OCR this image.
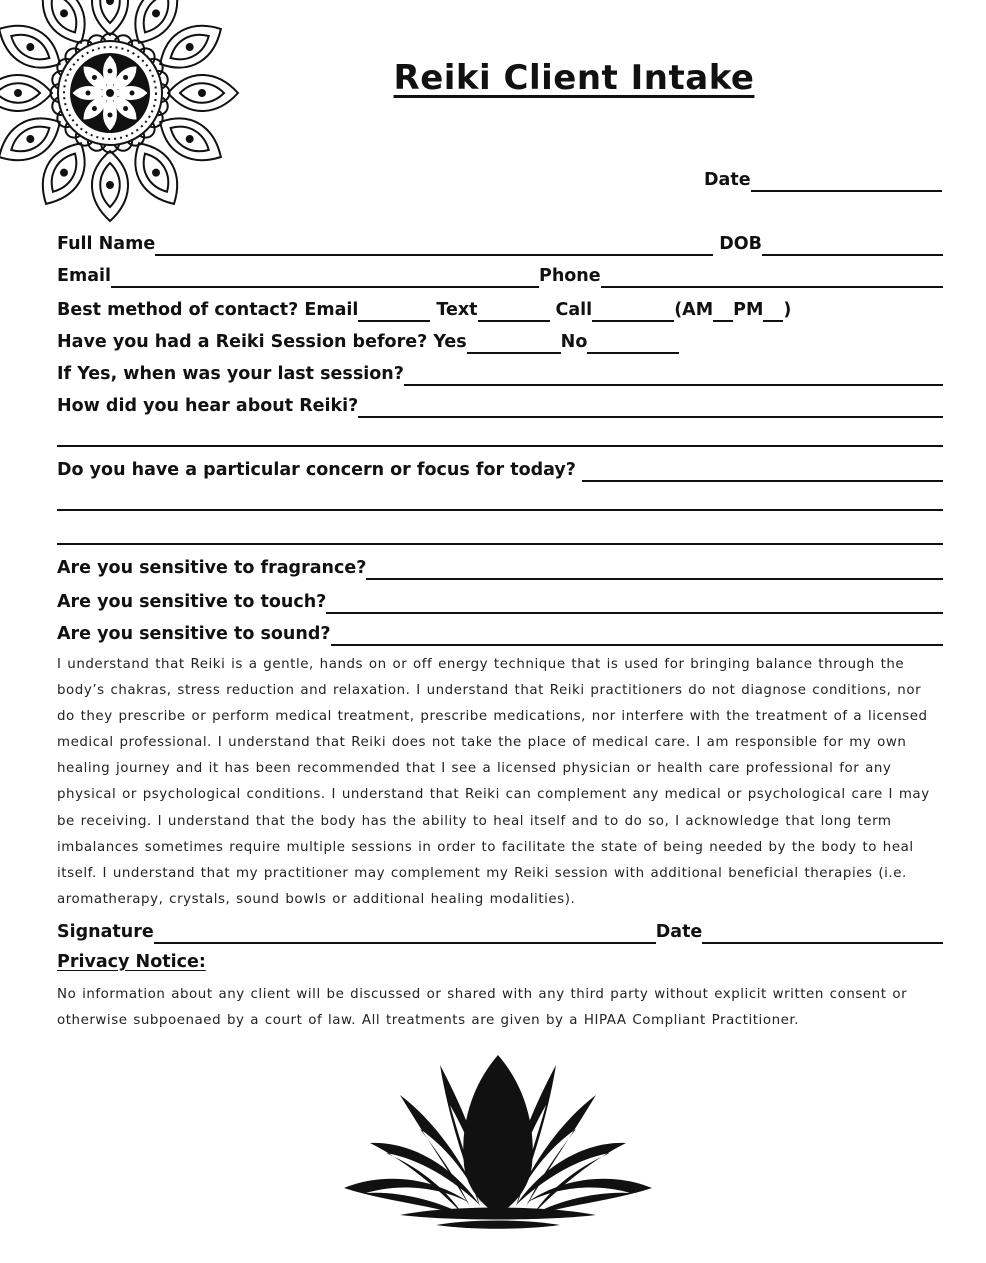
Reiki Client Intake
Date
Full Name	DOB
Email	Phone
Best method of contact? Email	Text	Call	(AM PM )
Have you had a Reiki Session before? Yes	No
If Yes, when was your last session?
How did you hear about Reiki?
Do you have a particular concern or focus for today?
Are you sensitive to fragrance?
Are you sensitive to touch?
Are you sensitive to sound?

I understand that Reiki is a gentle, hands on or off energy technique that is used for bringing balance through the body’s chakras, stress reduction and relaxation. I understand that Reiki practitioners do not diagnose conditions, nor do they prescribe or perform medical treatment, prescribe medications, nor interfere with the treatment of a licensed medical professional. I understand that Reiki does not take the place of medical care. I am responsible for my own healing journey and it has been recommended that I see a licensed physician or health care professional for any physical or psychological conditions. I understand that Reiki can complement any medical or psychological care I may be receiving. I understand that the body has the ability to heal itself and to do so, I acknowledge that long term imbalances sometimes require multiple sessions in order to facilitate the state of being needed by the body to heal itself. I understand that my practitioner may complement my Reiki session with additional beneficial therapies (i.e. aromatherapy, crystals, sound bowls or additional healing modalities).

Signature	Date
Privacy Notice:

No information about any client will be discussed or shared with any third party without explicit written consent or otherwise subpoenaed by a court of law. All treatments are given by a HIPAA Compliant Practitioner.
